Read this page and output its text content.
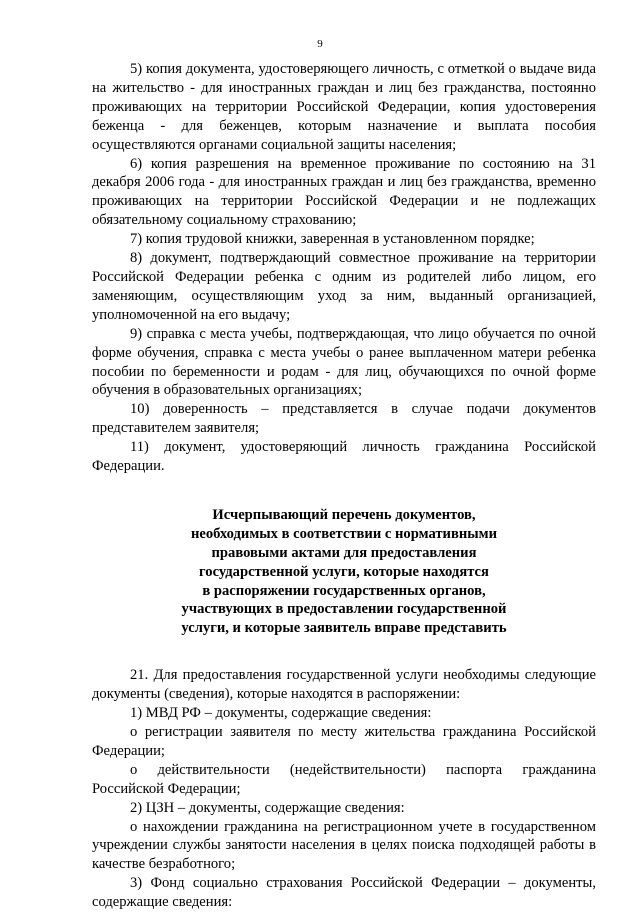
9

5) копия документа, удостоверяющего личность, с отметкой о выдаче вида на жительство - для иностранных граждан и лиц без гражданства, постоянно проживающих на территории Российской Федерации, копия удостоверения беженца - для беженцев, которым назначение и выплата пособия осуществляются органами социальной защиты населения;

6) копия разрешения на временное проживание по состоянию на 31 декабря 2006 года - для иностранных граждан и лиц без гражданства, временно проживающих на территории Российской Федерации и не подлежащих обязательному социальному страхованию;

7) копия трудовой книжки, заверенная в установленном порядке;

8) документ, подтверждающий совместное проживание на территории Российской Федерации ребенка с одним из родителей либо лицом, его заменяющим, осуществляющим уход за ним, выданный организацией, уполномоченной на его выдачу;

9) справка с места учебы, подтверждающая, что лицо обучается по очной форме обучения, справка с места учебы о ранее выплаченном матери ребенка пособии по беременности и родам - для лиц, обучающихся по очной форме обучения в образовательных организациях;

10) доверенность – представляется в случае подачи документов представителем заявителя;

11) документ, удостоверяющий личность гражданина Российской Федерации.

Исчерпывающий перечень документов,
необходимых в соответствии с нормативными
правовыми актами для предоставления
государственной услуги, которые находятся
в распоряжении государственных органов,
участвующих в предоставлении государственной
услуги, и которые заявитель вправе представить

21. Для предоставления государственной услуги необходимы следующие документы (сведения), которые находятся в распоряжении:

1) МВД РФ – документы, содержащие сведения:

о регистрации заявителя по месту жительства гражданина Российской Федерации;

о действительности (недействительности) паспорта гражданина Российской Федерации;

2) ЦЗН – документы, содержащие сведения:

о нахождении гражданина на регистрационном учете в государственном учреждении службы занятости населения в целях поиска подходящей работы в качестве безработного;

3) Фонд социально страхования Российской Федерации – документы, содержащие сведения:
